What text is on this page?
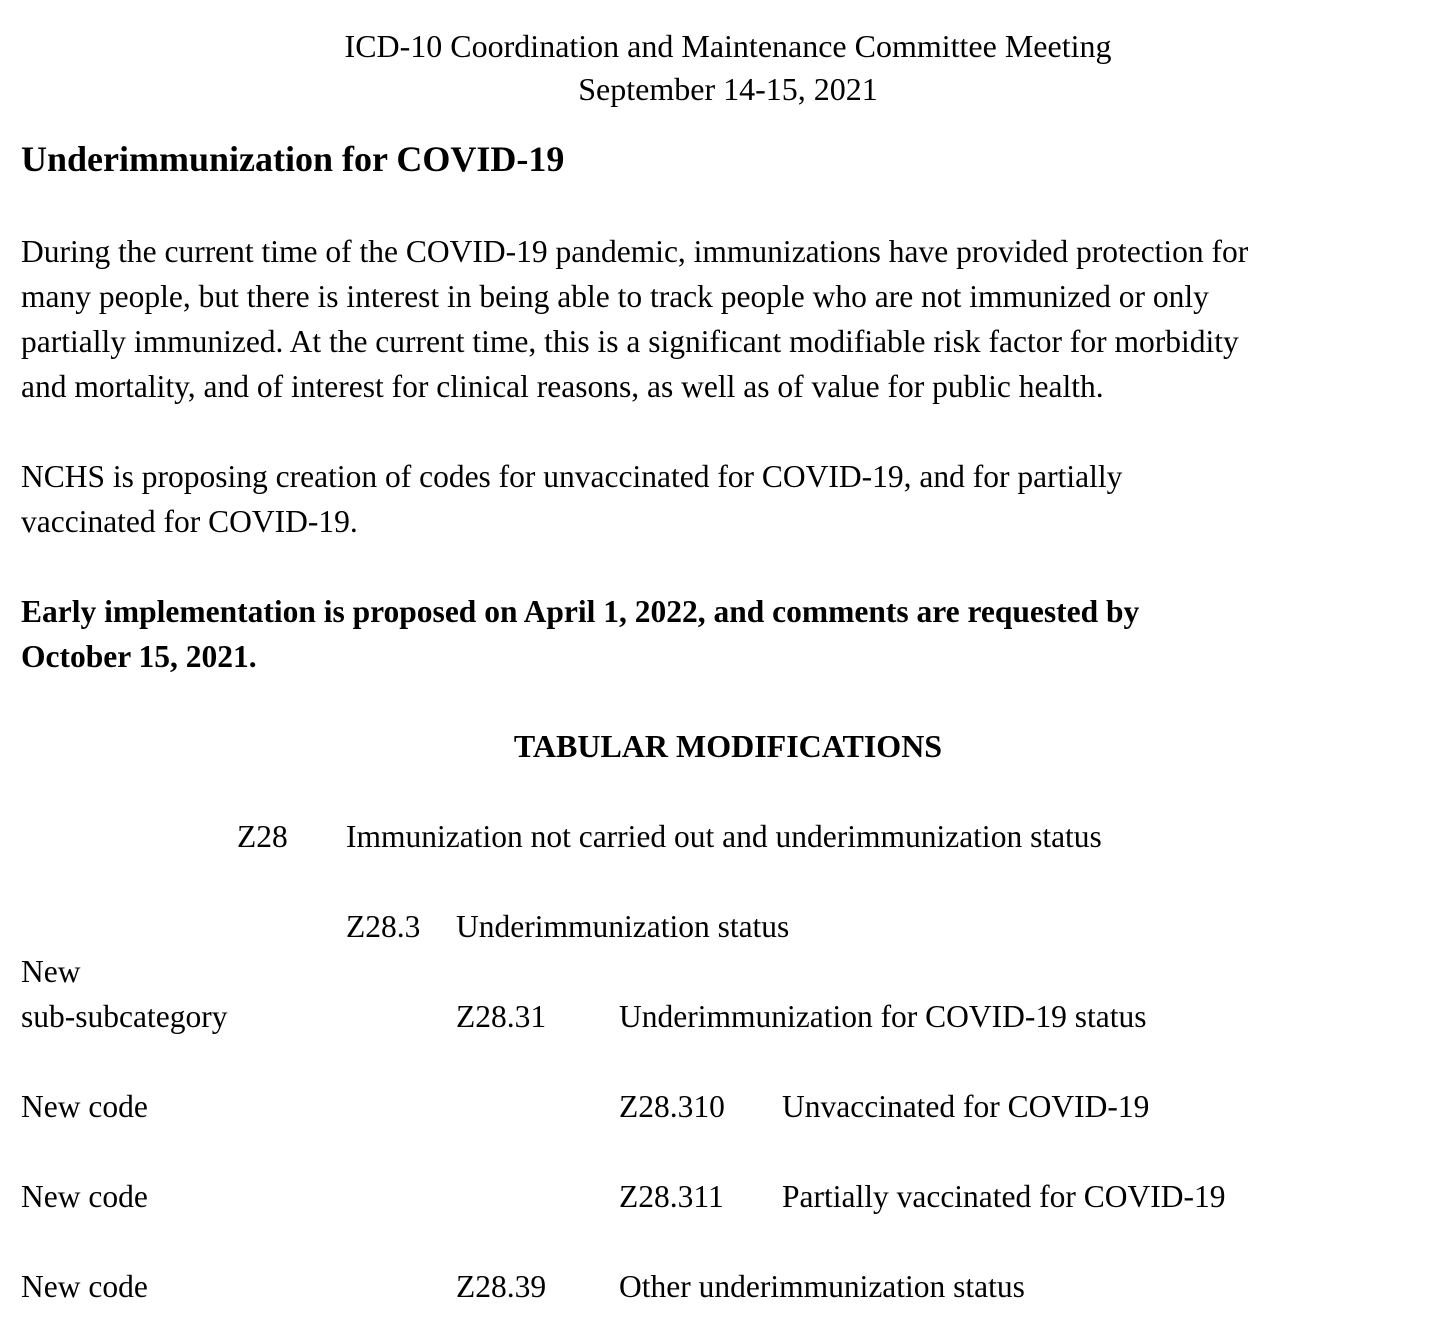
ICD-10 Coordination and Maintenance Committee Meeting
September 14-15, 2021
Underimmunization for COVID-19
During the current time of the COVID-19 pandemic, immunizations have provided protection for
many people, but there is interest in being able to track people who are not immunized or only
partially immunized. At the current time, this is a significant modifiable risk factor for morbidity
and mortality, and of interest for clinical reasons, as well as of value for public health.
NCHS is proposing creation of codes for unvaccinated for COVID-19, and for partially
vaccinated for COVID-19.
Early implementation is proposed on April 1, 2022, and comments are requested by
October 15, 2021.
TABULAR MODIFICATIONS
Z28 Immunization not carried out and underimmunization status
Z28.3 Underimmunization status
New
sub-subcategory	Z28.31 Underimmunization for COVID-19 status
New code	Z28.310 Unvaccinated for COVID-19
New code	Z28.311 Partially vaccinated for COVID-19
New code	Z28.39 Other underimmunization status
